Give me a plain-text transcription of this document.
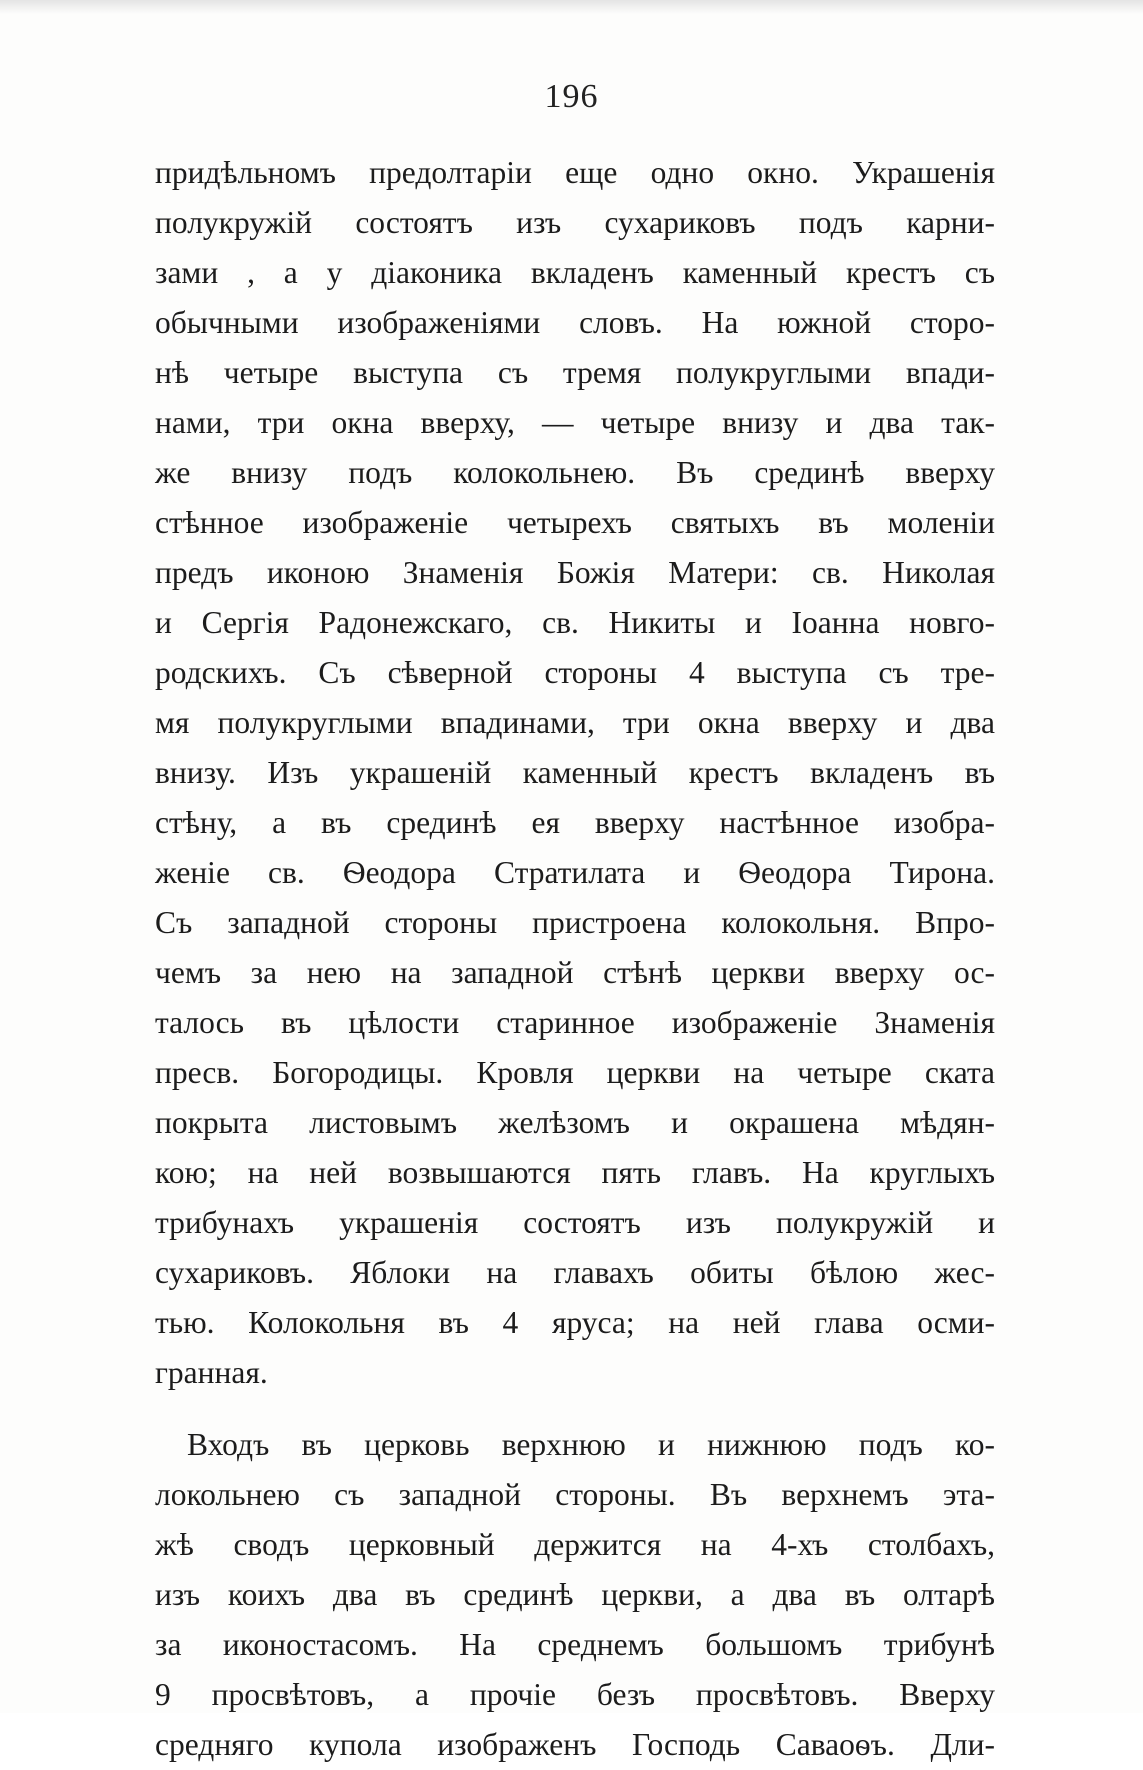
196
придѣльномъ предолтаріи еще одно окно. Украшенія
полукружій состоятъ изъ сухариковъ подъ карни-
зами , а у діаконика вкладенъ каменный крестъ съ
обычными изображеніями словъ. На южной сторо-
нѣ четыре выступа съ тремя полукруглыми впади-
нами, три окна вверху, — четыре внизу и два так-
же внизу подъ колокольнею. Въ срединѣ вверху
стѣнное изображеніе четырехъ святыхъ въ моленіи
предъ иконою Знаменія Божія Матери: св. Николая
и Сергія Радонежскаго, св. Никиты и Іоанна новго-
родскихъ. Съ сѣверной стороны 4 выступа съ тре-
мя полукруглыми впадинами, три окна вверху и два
внизу. Изъ украшеній каменный крестъ вкладенъ въ
стѣну, а въ срединѣ ея вверху настѣнное изобра-
женіе св. Ѳеодора Стратилата и Ѳеодора Тирона.
Съ западной стороны пристроена колокольня. Впро-
чемъ за нею на западной стѣнѣ церкви вверху ос-
талось въ цѣлости старинное изображеніе Знаменія
пресв. Богородицы. Кровля церкви на четыре ската
покрыта листовымъ желѣзомъ и окрашена мѣдян-
кою; на ней возвышаются пять главъ. На круглыхъ
трибунахъ украшенія состоятъ изъ полукружій и
сухариковъ. Яблоки на главахъ обиты бѣлою жес-
тью. Колокольня въ 4 яруса; на ней глава осми-
гранная.
Входъ въ церковь верхнюю и нижнюю подъ ко-
локольнею съ западной стороны. Въ верхнемъ эта-
жѣ сводъ церковный держится на 4-хъ столбахъ,
изъ коихъ два въ срединѣ церкви, а два въ олтарѣ
за иконостасомъ. На среднемъ большомъ трибунѣ
9 просвѣтовъ, а прочіе безъ просвѣтовъ. Вверху
средняго купола изображенъ Господь Саваоѳъ. Дли-
